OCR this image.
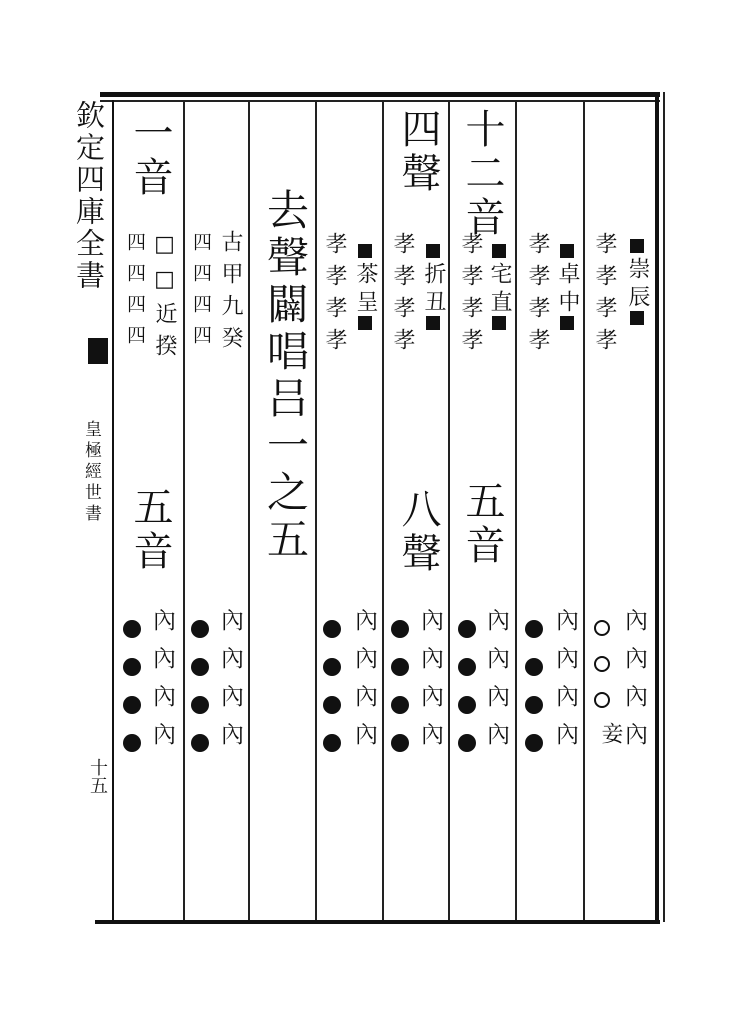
欽定四庫全書
皇極經世書
十五
孝孝孝孝 崇
辰
內內內內
妾
孝孝孝孝 卓
中
內內內內
十二音
孝孝孝孝 宅
直
五音
內內內內
四聲
孝孝孝孝 折
丑
八聲
內內內內
孝孝孝孝 茶
呈
內內內內
去聲闢唱吕一之五
古甲九癸
四四四四
內內內內
一音
□□近揆
四四四四
五音
內內內內
